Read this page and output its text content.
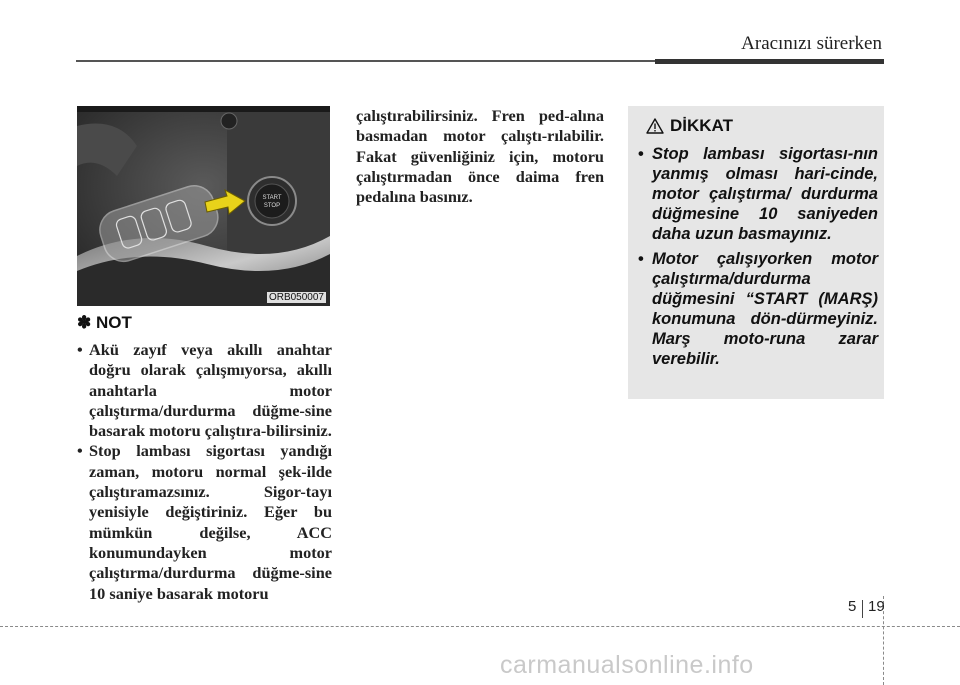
Aracınızı sürerken
START
STOP
ORB050007
✽ NOT
• Akü zayıf veya akıllı anahtar doğru olarak çalışmıyorsa, akıllı anahtarla motor çalıştırma/durdurma düğme-sine basarak motoru çalıştıra-bilirsiniz.
• Stop lambası sigortası yandığı zaman, motoru normal şek-ilde çalıştıramazsınız. Sigor-tayı yenisiyle değiştiriniz. Eğer bu mümkün değilse, ACC konumundayken motor çalıştırma/durdurma düğme-sine 10 saniye basarak motoru

çalıştırabilirsiniz. Fren ped-alına basmadan motor çalıştı-rılabilir. Fakat güvenliğiniz için, motoru çalıştırmadan önce daima fren pedalına basınız.

DİKKAT
• Stop lambası sigortası-nın yanmış olması hari-cinde, motor çalıştırma/ durdurma düğmesine 10 saniyeden daha uzun basmayınız.
• Motor çalışıyorken motor çalıştırma/durdurma düğmesini “START (MARŞ) konumuna dön-dürmeyiniz. Marş moto-runa zarar verebilir.
5 19
carmanualsonline.info
